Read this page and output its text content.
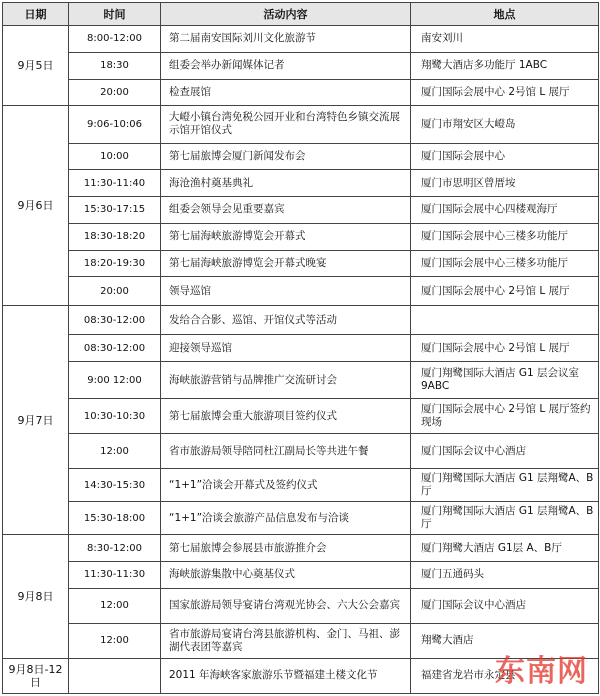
日期	时间	活动内容	地点
9月5日	8:00-12:00	第二届南安国际刘川文化旅游节	南安刘川
	18:30	组委会举办新闻媒体记者	翔鹭大酒店多功能厅 1ABC
	20:00	检查展馆	厦门国际会展中心 2号馆 L 展厅
9月6日	9:06-10:06	大嶝小镇台湾免税公园开业和台湾特色乡镇交流展示馆开馆仪式	厦门市翔安区大嶝岛
	10:00	第七届旅博会厦门新闻发布会	厦门国际会展中心
	11:30-11:40	海沧渔村奠基典礼	厦门市思明区曾厝垵
	15:30-17:15	组委会领导会见重要嘉宾	厦门国际会展中心四楼观海厅
	18:30-18:20	第七届海峡旅游博览会开幕式	厦门国际会展中心三楼多功能厅
	18:20-19:30	第七届海峡旅游博览会开幕式晚宴	厦门国际会展中心三楼多功能厅
	20:00	领导巡馆	厦门国际会展中心 2号馆 L 展厅
9月7日	08:30-12:00	发给合合影、巡馆、开馆仪式等活动	
	08:30-12:00	迎接领导巡馆	厦门国际会展中心 2号馆 L 展厅
	9:00 12:00	海峡旅游营销与品牌推广交流研讨会	厦门翔鹭国际大酒店 G1 层会议室 9ABC
	10:30-10:30	第七届旅博会重大旅游项目签约仪式	厦门国际会展中心 2号馆 L 展厅签约现场
	12:00	省市旅游局领导陪同杜江副局长等共进午餐	厦门国际会议中心酒店
	14:30-15:30	“1+1”洽谈会开幕式及签约仪式	厦门翔鹭国际大酒店 G1 层翔鹭A、B 厅
	15:30-18:00	“1+1”洽谈会旅游产品信息发布与洽谈	厦门翔鹭国际大酒店 G1 层翔鹭A、B 厅
9月8日	8:30-12:00	第七届旅博会参展县市旅游推介会	厦门翔鹭大酒店 G1层 A、B厅
	11:30-11:30	海峡旅游集散中心奠基仪式	厦门五通码头
	12:00	国家旅游局领导宴请台湾观光协会、六大公会嘉宾	厦门国际会议中心酒店
	12:00	省市旅游局宴请台湾县旅游机构、金门、马祖、澎湖代表团等嘉宾	翔鹭大酒店
9月8日-12日		2011 年海峡客家旅游乐节暨福建土楼文化节	福建省龙岩市永定县
东南网
